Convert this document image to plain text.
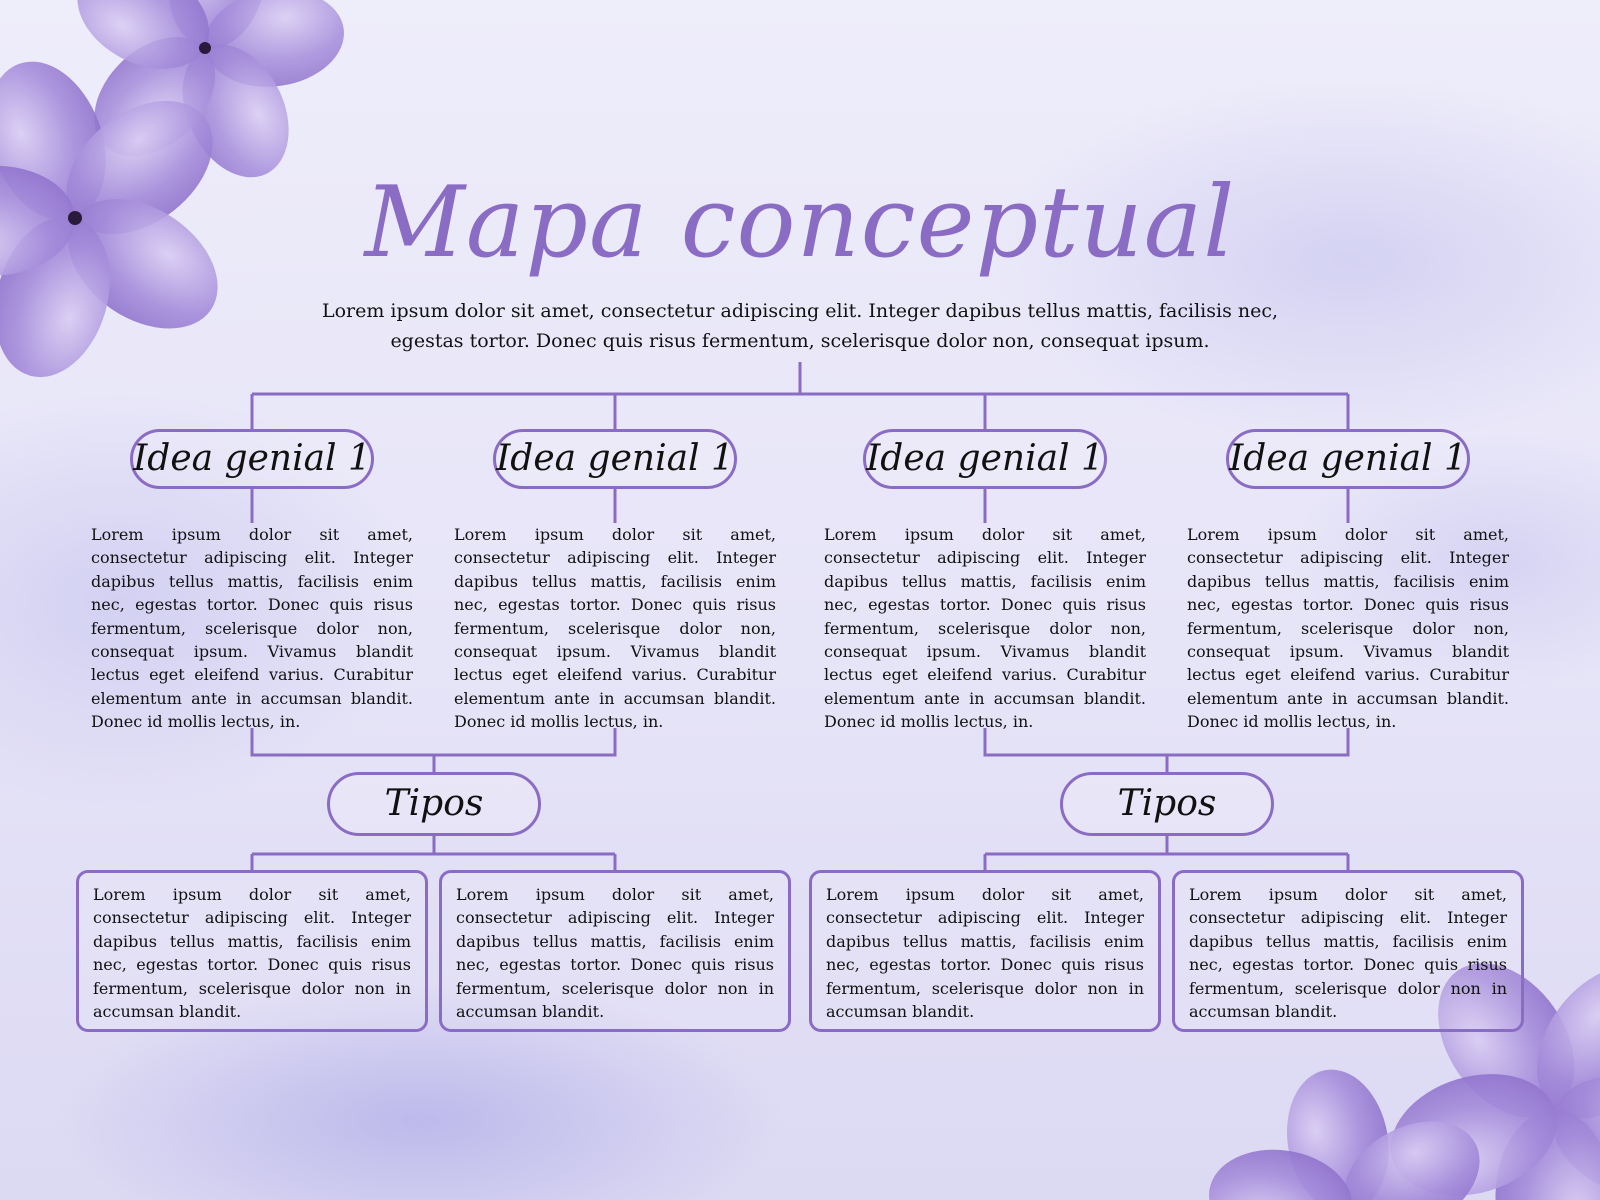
Mapa conceptual
Lorem ipsum dolor sit amet, consectetur adipiscing elit. Integer dapibus tellus mattis, facilisis nec, egestas tortor. Donec quis risus fermentum, scelerisque dolor non, consequat ipsum.
Idea genial 1	Idea genial 1	Idea genial 1	Idea genial 1
Lorem ipsum dolor sit amet, consectetur adipiscing elit. Integer dapibus tellus mattis, facilisis enim nec, egestas tortor. Donec quis risus fermentum, scelerisque dolor non, consequat ipsum. Vivamus blandit lectus eget eleifend varius. Curabitur elementum ante in accumsan blandit. Donec id mollis lectus, in.
Lorem ipsum dolor sit amet, consectetur adipiscing elit. Integer dapibus tellus mattis, facilisis enim nec, egestas tortor. Donec quis risus fermentum, scelerisque dolor non, consequat ipsum. Vivamus blandit lectus eget eleifend varius. Curabitur elementum ante in accumsan blandit. Donec id mollis lectus, in.
Lorem ipsum dolor sit amet, consectetur adipiscing elit. Integer dapibus tellus mattis, facilisis enim nec, egestas tortor. Donec quis risus fermentum, scelerisque dolor non, consequat ipsum. Vivamus blandit lectus eget eleifend varius. Curabitur elementum ante in accumsan blandit. Donec id mollis lectus, in.
Lorem ipsum dolor sit amet, consectetur adipiscing elit. Integer dapibus tellus mattis, facilisis enim nec, egestas tortor. Donec quis risus fermentum, scelerisque dolor non, consequat ipsum. Vivamus blandit lectus eget eleifend varius. Curabitur elementum ante in accumsan blandit. Donec id mollis lectus, in.
Tipos	Tipos
Lorem ipsum dolor sit amet, consectetur adipiscing elit. Integer dapibus tellus mattis, facilisis enim nec, egestas tortor. Donec quis risus fermentum, scelerisque dolor non in accumsan blandit.
Lorem ipsum dolor sit amet, consectetur adipiscing elit. Integer dapibus tellus mattis, facilisis enim nec, egestas tortor. Donec quis risus fermentum, scelerisque dolor non in accumsan blandit.
Lorem ipsum dolor sit amet, consectetur adipiscing elit. Integer dapibus tellus mattis, facilisis enim nec, egestas tortor. Donec quis risus fermentum, scelerisque dolor non in accumsan blandit.
Lorem ipsum dolor sit amet, consectetur adipiscing elit. Integer dapibus tellus mattis, facilisis enim nec, egestas tortor. Donec quis risus fermentum, scelerisque dolor non in accumsan blandit.
